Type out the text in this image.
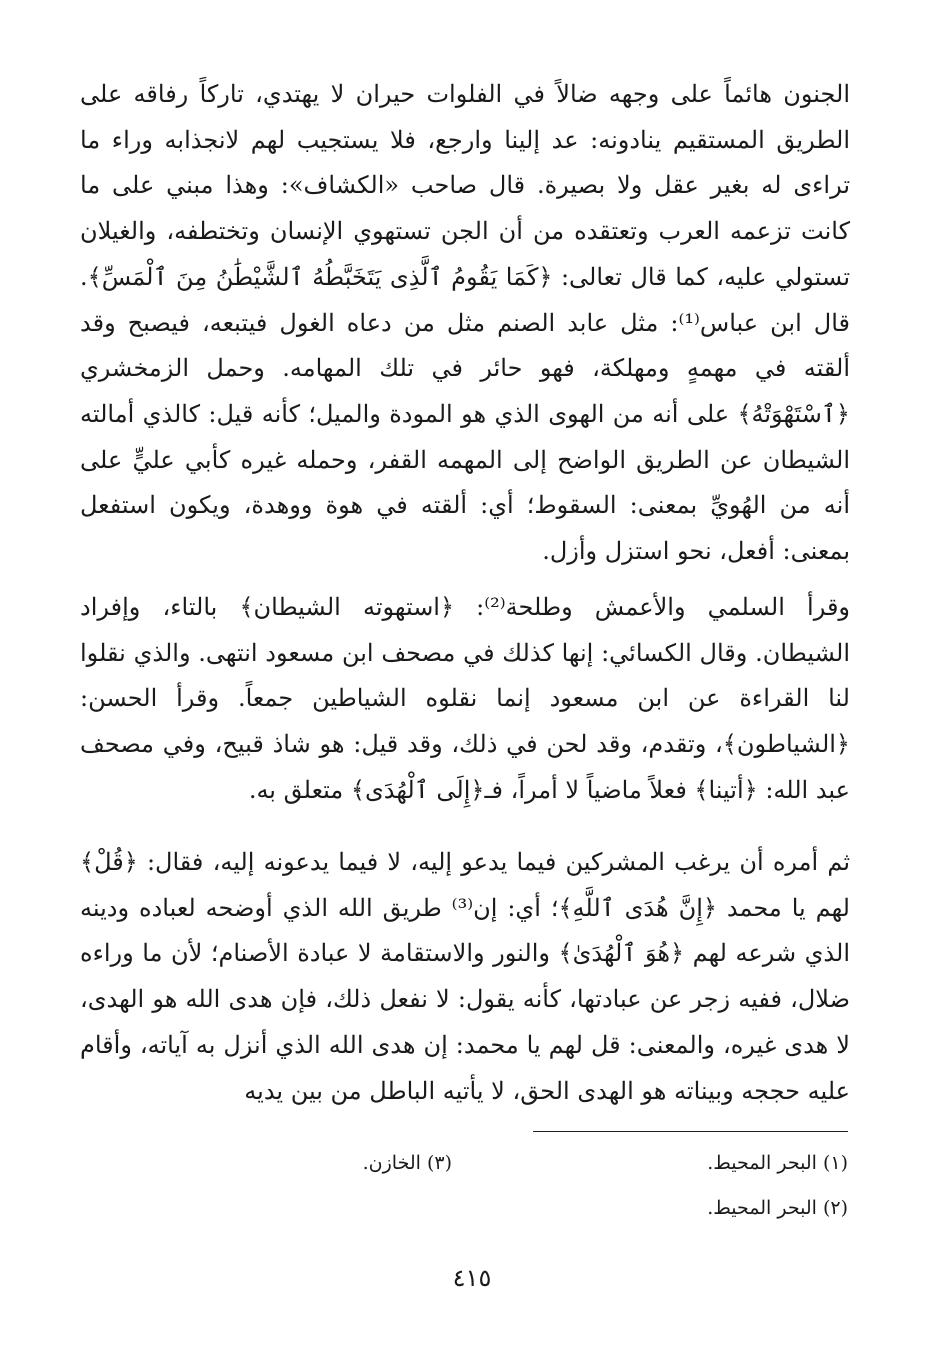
الجنون هائماً على وجهه ضالاً في الفلوات حيران لا يهتدي، تاركاً رفاقه على الطريق المستقيم ينادونه: عد إلينا وارجع، فلا يستجيب لهم لانجذابه وراء ما تراءى له بغير عقل ولا بصيرة. قال صاحب «الكشاف»: وهذا مبني على ما كانت تزعمه العرب وتعتقده من أن الجن تستهوي الإنسان وتختطفه، والغيلان تستولي عليه، كما قال تعالى: ﴿كَمَا يَقُومُ ٱلَّذِى يَتَخَبَّطُهُ ٱلشَّيْطَٰنُ مِنَ ٱلْمَسِّ﴾. قال ابن عباس⁽¹⁾: مثل عابد الصنم مثل من دعاه الغول فيتبعه، فيصبح وقد ألقته في مهمهٍ ومهلكة، فهو حائر في تلك المهامه. وحمل الزمخشري ﴿ٱسْتَهْوَتْهُ﴾ على أنه من الهوى الذي هو المودة والميل؛ كأنه قيل: كالذي أمالته الشيطان عن الطريق الواضح إلى المهمه القفر، وحمله غيره كأبي عليٍّ على أنه من الهُويِّ بمعنى: السقوط؛ أي: ألقته في هوة ووهدة، ويكون استفعل بمعنى: أفعل، نحو استزل وأزل.

وقرأ السلمي والأعمش وطلحة⁽²⁾: ﴿استهوته الشيطان﴾ بالتاء، وإفراد الشيطان. وقال الكسائي: إنها كذلك في مصحف ابن مسعود انتهى. والذي نقلوا لنا القراءة عن ابن مسعود إنما نقلوه الشياطين جمعاً. وقرأ الحسن: ﴿الشياطون﴾، وتقدم، وقد لحن في ذلك، وقد قيل: هو شاذ قبيح، وفي مصحف عبد الله: ﴿أتينا﴾ فعلاً ماضياً لا أمراً، فـ﴿إِلَى ٱلْهُدَى﴾ متعلق به.

ثم أمره أن يرغب المشركين فيما يدعو إليه، لا فيما يدعونه إليه، فقال: ﴿قُلْ﴾ لهم يا محمد ﴿إِنَّ هُدَى ٱللَّهِ﴾؛ أي: إن⁽³⁾ طريق الله الذي أوضحه لعباده ودينه الذي شرعه لهم ﴿هُوَ ٱلْهُدَىٰ﴾ والنور والاستقامة لا عبادة الأصنام؛ لأن ما وراءه ضلال، ففيه زجر عن عبادتها، كأنه يقول: لا نفعل ذلك، فإن هدى الله هو الهدى، لا هدى غيره، والمعنى: قل لهم يا محمد: إن هدى الله الذي أنزل به آياته، وأقام عليه حججه وبيناته هو الهدى الحق، لا يأتيه الباطل من بين يديه

(١) البحر المحيط.
(٣) الخازن.
(٢) البحر المحيط.
٤١٥
